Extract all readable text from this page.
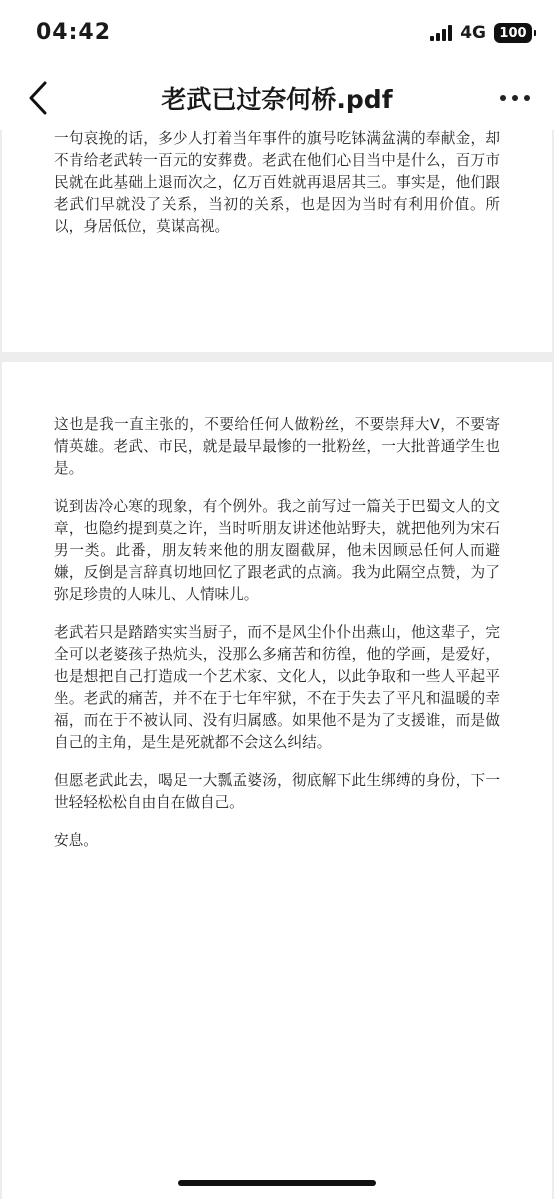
04:42	4G 100
老武已过奈何桥.pdf

一句哀挽的话，多少人打着当年事件的旗号吃钵满盆满的奉献金，却不肯给老武转一百元的安葬费。老武在他们心目当中是什么，百万市民就在此基础上退而次之，亿万百姓就再退居其三。事实是，他们跟老武们早就没了关系，当初的关系，也是因为当时有利用价值。所以，身居低位，莫谋高视。

这也是我一直主张的，不要给任何人做粉丝，不要崇拜大V，不要寄情英雄。老武、市民，就是最早最惨的一批粉丝，一大批普通学生也是。

说到齿冷心寒的现象，有个例外。我之前写过一篇关于巴蜀文人的文章，也隐约提到莫之许，当时听朋友讲述他站野夫，就把他列为宋石男一类。此番，朋友转来他的朋友圈截屏，他未因顾忌任何人而避嫌，反倒是言辞真切地回忆了跟老武的点滴。我为此隔空点赞，为了弥足珍贵的人味儿、人情味儿。

老武若只是踏踏实实当厨子，而不是风尘仆仆出燕山，他这辈子，完全可以老婆孩子热炕头，没那么多痛苦和彷徨，他的学画，是爱好，也是想把自己打造成一个艺术家、文化人，以此争取和一些人平起平坐。老武的痛苦，并不在于七年牢狱，不在于失去了平凡和温暖的幸福，而在于不被认同、没有归属感。如果他不是为了支援谁，而是做自己的主角，是生是死就都不会这么纠结。

但愿老武此去，喝足一大瓢孟婆汤，彻底解下此生绑缚的身份，下一世轻轻松松自由自在做自己。

安息。
